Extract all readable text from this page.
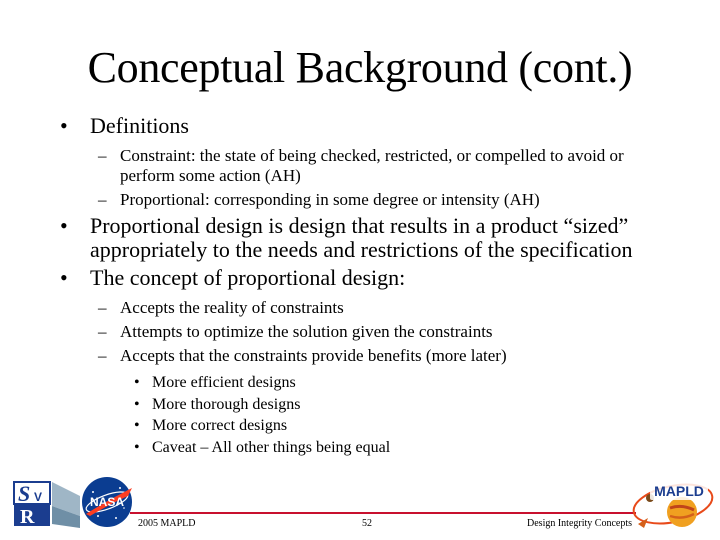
Conceptual Background (cont.)
• Definitions
– Constraint: the state of being checked, restricted, or compelled to avoid or perform some action (AH)
– Proportional: corresponding in some degree or intensity (AH)
• Proportional design is design that results in a product “sized” appropriately to the needs and restrictions of the specification
• The concept of proportional design:
– Accepts the reality of constraints
– Attempts to optimize the solution given the constraints
– Accepts that the constraints provide benefits (more later)
• More efficient designs
• More thorough designs
• More correct designs
• Caveat – All other things being equal
S V
R
NASA
2005 MAPLD	52	Design Integrity Concepts
MAPLD
